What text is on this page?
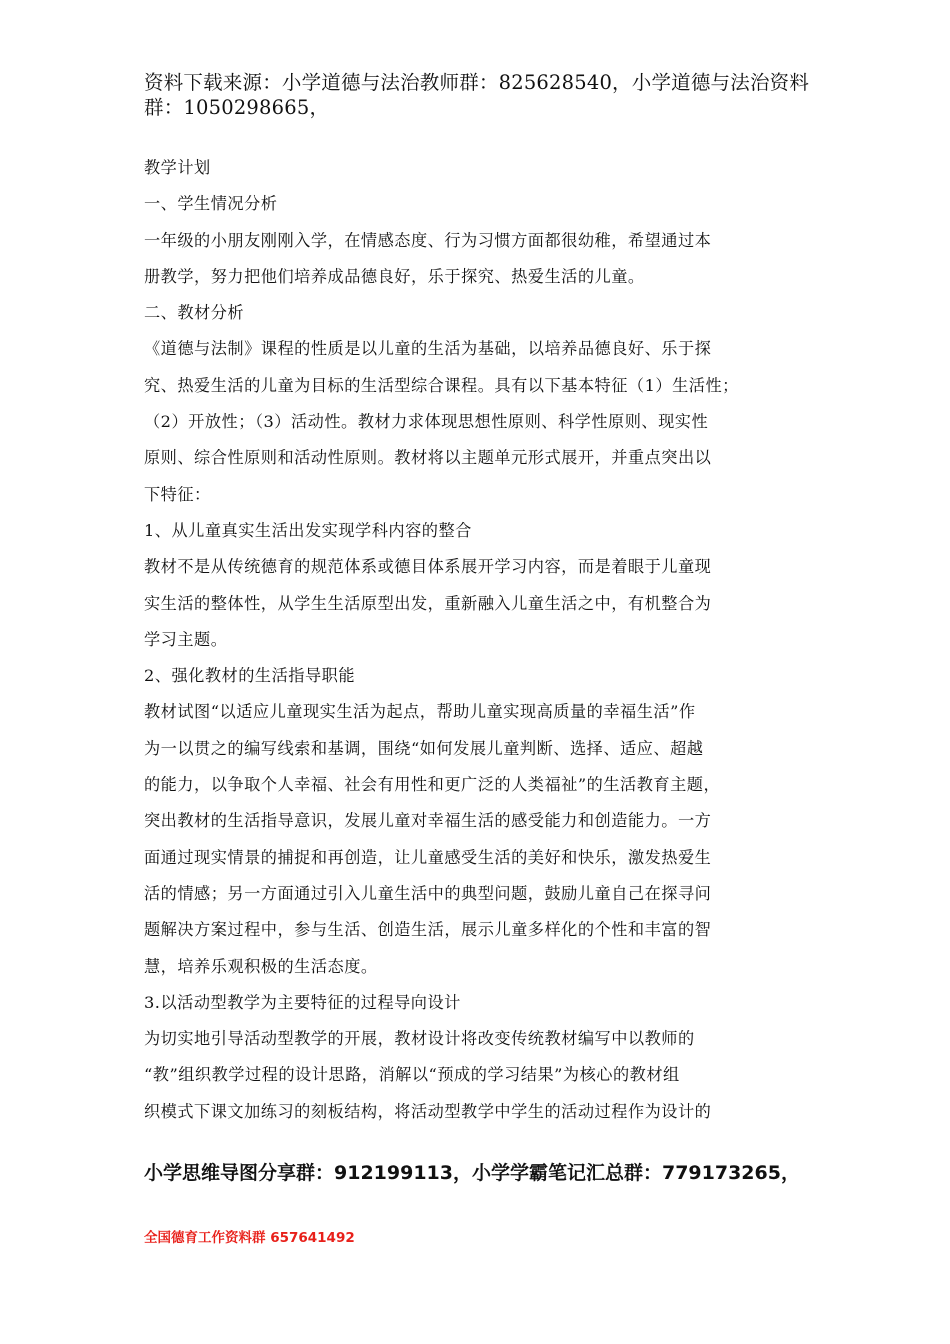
资料下载来源：小学道德与法治教师群：825628540，小学道德与法治资料群：1050298665，

教学计划

一、学生情况分析

一年级的小朋友刚刚入学，在情感态度、行为习惯方面都很幼稚，希望通过本

册教学，努力把他们培养成品德良好，乐于探究、热爱生活的儿童。

二、教材分析

《道德与法制》课程的性质是以儿童的生活为基础，以培养品德良好、乐于探

究、热爱生活的儿童为目标的生活型综合课程。具有以下基本特征（1）生活性；

（2）开放性；（3）活动性。教材力求体现思想性原则、科学性原则、现实性

原则、综合性原则和活动性原则。教材将以主题单元形式展开，并重点突出以

下特征：

1、从儿童真实生活出发实现学科内容的整合

教材不是从传统德育的规范体系或德目体系展开学习内容，而是着眼于儿童现

实生活的整体性，从学生生活原型出发，重新融入儿童生活之中，有机整合为

学习主题。

2、强化教材的生活指导职能

教材试图“以适应儿童现实生活为起点，帮助儿童实现高质量的幸福生活”作

为一以贯之的编写线索和基调，围绕“如何发展儿童判断、选择、适应、超越

的能力，以争取个人幸福、社会有用性和更广泛的人类福祉”的生活教育主题，

突出教材的生活指导意识，发展儿童对幸福生活的感受能力和创造能力。一方

面通过现实情景的捕捉和再创造，让儿童感受生活的美好和快乐，激发热爱生

活的情感；另一方面通过引入儿童生活中的典型问题，鼓励儿童自己在探寻问

题解决方案过程中，参与生活、创造生活，展示儿童多样化的个性和丰富的智

慧，培养乐观积极的生活态度。

3.以活动型教学为主要特征的过程导向设计

为切实地引导活动型教学的开展，教材设计将改变传统教材编写中以教师的

“教”组织教学过程的设计思路，消解以“预成的学习结果”为核心的教材组

织模式下课文加练习的刻板结构，将活动型教学中学生的活动过程作为设计的

小学思维导图分享群：912199113，小学学霸笔记汇总群：779173265，
全国德育工作资料群 657641492
